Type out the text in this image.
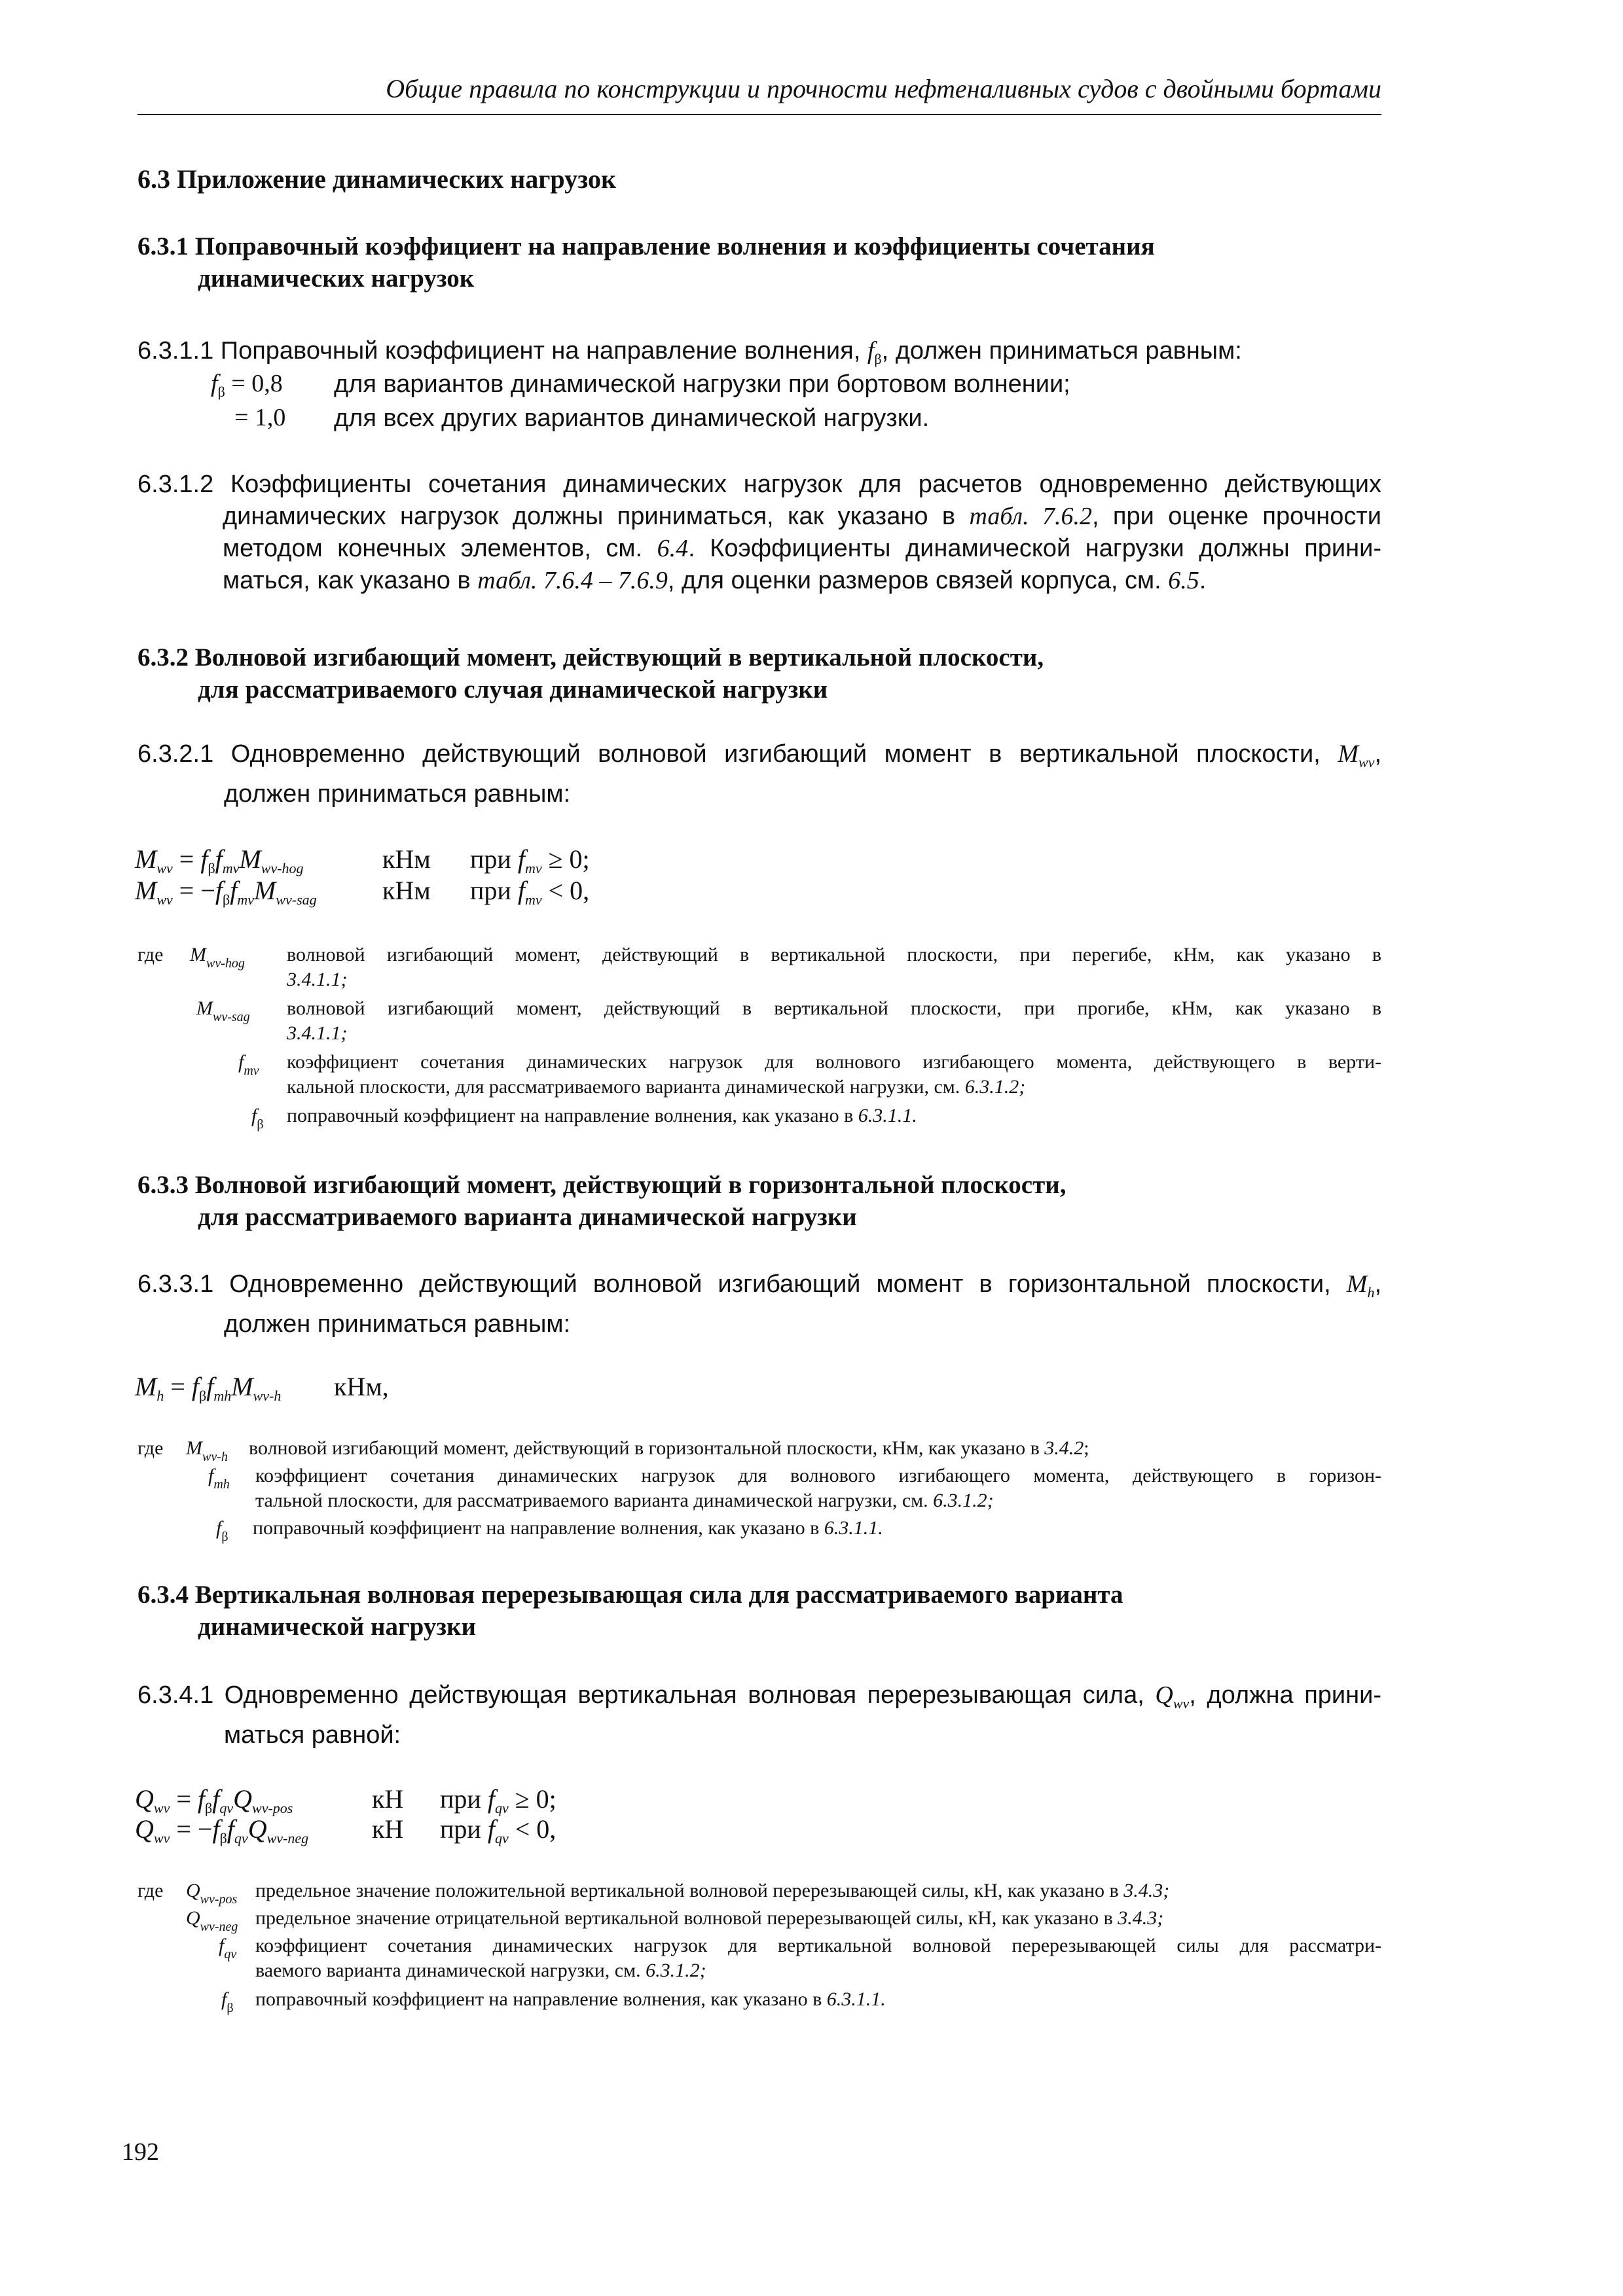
Общие правила по конструкции и прочности нефтеналивных судов с двойными бортами
6.3 Приложение динамических нагрузок
6.3.1 Поправочный коэффициент на направление волнения и коэффициенты сочетания
динамических нагрузок
6.3.1.1 Поправочный коэффициент на направление волнения, $f_\beta$, должен приниматься равным:
$f_\beta = 0,8$ для вариантов динамической нагрузки при бортовом волнении;
= 1,0 для всех других вариантов динамической нагрузки.
6.3.1.2 Коэффициенты сочетания динамических нагрузок для расчетов одновременно действующих
динамических нагрузок должны приниматься, как указано в табл. 7.6.2, при оценке прочности
методом конечных элементов, см. 6.4. Коэффициенты динамической нагрузки должны прини-
маться, как указано в табл. 7.6.4 – 7.6.9, для оценки размеров связей корпуса, см. 6.5.
6.3.2 Волновой изгибающий момент, действующий в вертикальной плоскости,
для рассматриваемого случая динамической нагрузки
6.3.2.1 Одновременно действующий волновой изгибающий момент в вертикальной плоскости, $M_{wv}$,
должен приниматься равным:
$M_{wv} = f_\beta f_{mv}M_{wv-hog}$	кНм при $f_{mv} \ge 0$;
$M_{wv} = -f_\beta f_{mv}M_{wv-sag}$	кНм при $f_{mv} < 0$,
где $M_{wv-hog}$ волновой изгибающий момент, действующий в вертикальной плоскости, при перегибе, кНм, как указано в
3.4.1.1;
$M_{wv-sag}$ волновой изгибающий момент, действующий в вертикальной плоскости, при прогибе, кНм, как указано в
3.4.1.1;
$f_{mv}$ коэффициент сочетания динамических нагрузок для волнового изгибающего момента, действующего в верти-
кальной плоскости, для рассматриваемого варианта динамической нагрузки, см. 6.3.1.2;
$f_\beta$ поправочный коэффициент на направление волнения, как указано в 6.3.1.1.
6.3.3 Волновой изгибающий момент, действующий в горизонтальной плоскости,
для рассматриваемого варианта динамической нагрузки
6.3.3.1 Одновременно действующий волновой изгибающий момент в горизонтальной плоскости, $M_h$,
должен приниматься равным:
$M_h = f_\beta f_{mh}M_{wv-h}$ кНм,
где $M_{wv-h}$ волновой изгибающий момент, действующий в горизонтальной плоскости, кНм, как указано в 3.4.2;
$f_{mh}$ коэффициент сочетания динамических нагрузок для волнового изгибающего момента, действующего в горизон-
тальной плоскости, для рассматриваемого варианта динамической нагрузки, см. 6.3.1.2;
$f_\beta$ поправочный коэффициент на направление волнения, как указано в 6.3.1.1.
6.3.4 Вертикальная волновая перерезывающая сила для рассматриваемого варианта
динамической нагрузки
6.3.4.1 Одновременно действующая вертикальная волновая перерезывающая сила, $Q_{wv}$, должна прини-
маться равной:
$Q_{wv} = f_\beta f_{qv}Q_{wv-pos}$	кН при $f_{qv} \ge 0$;
$Q_{wv} = -f_\beta f_{qv}Q_{wv-neg}$ кН при $f_{qv} < 0$,
где $Q_{wv-pos}$ предельное значение положительной вертикальной волновой перерезывающей силы, кН, как указано в 3.4.3;
$Q_{wv-neg}$ предельное значение отрицательной вертикальной волновой перерезывающей силы, кН, как указано в 3.4.3;
$f_{qv}$ коэффициент сочетания динамических нагрузок для вертикальной волновой перерезывающей силы для рассматри-
ваемого варианта динамической нагрузки, см. 6.3.1.2;
$f_\beta$ поправочный коэффициент на направление волнения, как указано в 6.3.1.1.
192
